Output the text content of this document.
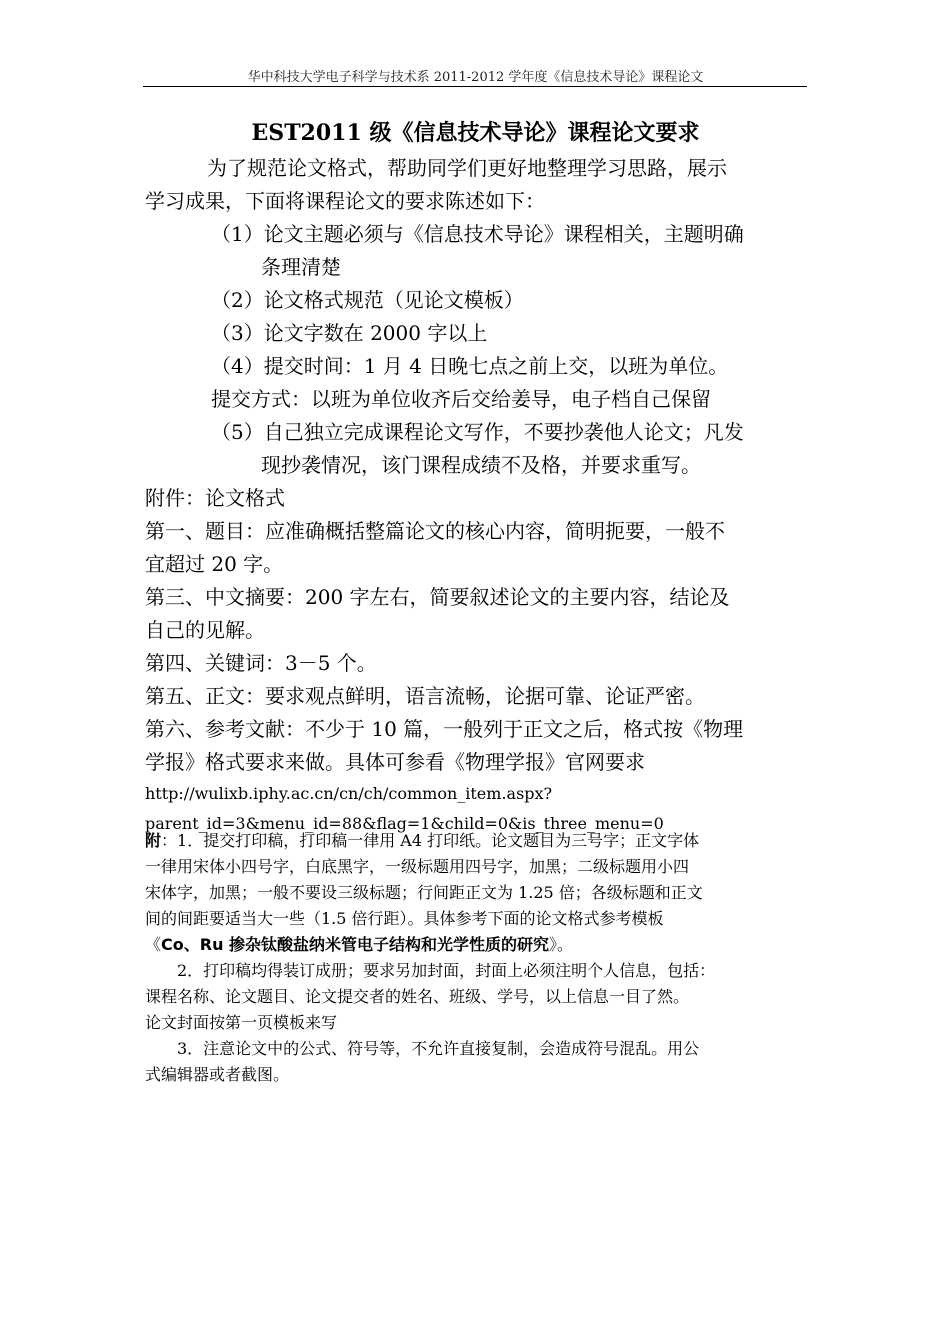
华中科技大学电子科学与技术系 2011-2012 学年度《信息技术导论》课程论文
EST2011 级《信息技术导论》课程论文要求
为了规范论文格式，帮助同学们更好地整理学习思路，展示
学习成果，下面将课程论文的要求陈述如下：
（1）论文主题必须与《信息技术导论》课程相关，主题明确
条理清楚
（2）论文格式规范（见论文模板）
（3）论文字数在 2000 字以上
（4）提交时间：1 月 4 日晚七点之前上交，以班为单位。
提交方式：以班为单位收齐后交给姜导，电子档自己保留
（5）自己独立完成课程论文写作，不要抄袭他人论文；凡发
现抄袭情况，该门课程成绩不及格，并要求重写。
附件：论文格式
第一、题目：应准确概括整篇论文的核心内容，简明扼要，一般不
宜超过 20 字。
第三、中文摘要：200 字左右，简要叙述论文的主要内容，结论及
自己的见解。
第四、关键词：3－5 个。
第五、正文：要求观点鲜明，语言流畅，论据可靠、论证严密。
第六、参考文献：不少于 10 篇，一般列于正文之后，格式按《物理
学报》格式要求来做。具体可参看《物理学报》官网要求
http://wulixb.iphy.ac.cn/cn/ch/common_item.aspx?
parent_id=3&menu_id=88&flag=1&child=0&is_three_menu=0
附：1．提交打印稿，打印稿一律用 A4 打印纸。论文题目为三号字；正文字体
一律用宋体小四号字，白底黑字，一级标题用四号字，加黑；二级标题用小四
宋体字，加黑；一般不要设三级标题；行间距正文为 1.25 倍；各级标题和正文
间的间距要适当大一些（1.5 倍行距）。具体参考下面的论文格式参考模板
《Co、Ru 掺杂钛酸盐纳米管电子结构和光学性质的研究》。
2．打印稿均得装订成册；要求另加封面，封面上必须注明个人信息，包括：
课程名称、论文题目、论文提交者的姓名、班级、学号，以上信息一目了然。
论文封面按第一页模板来写
3．注意论文中的公式、符号等，不允许直接复制，会造成符号混乱。用公
式编辑器或者截图。
